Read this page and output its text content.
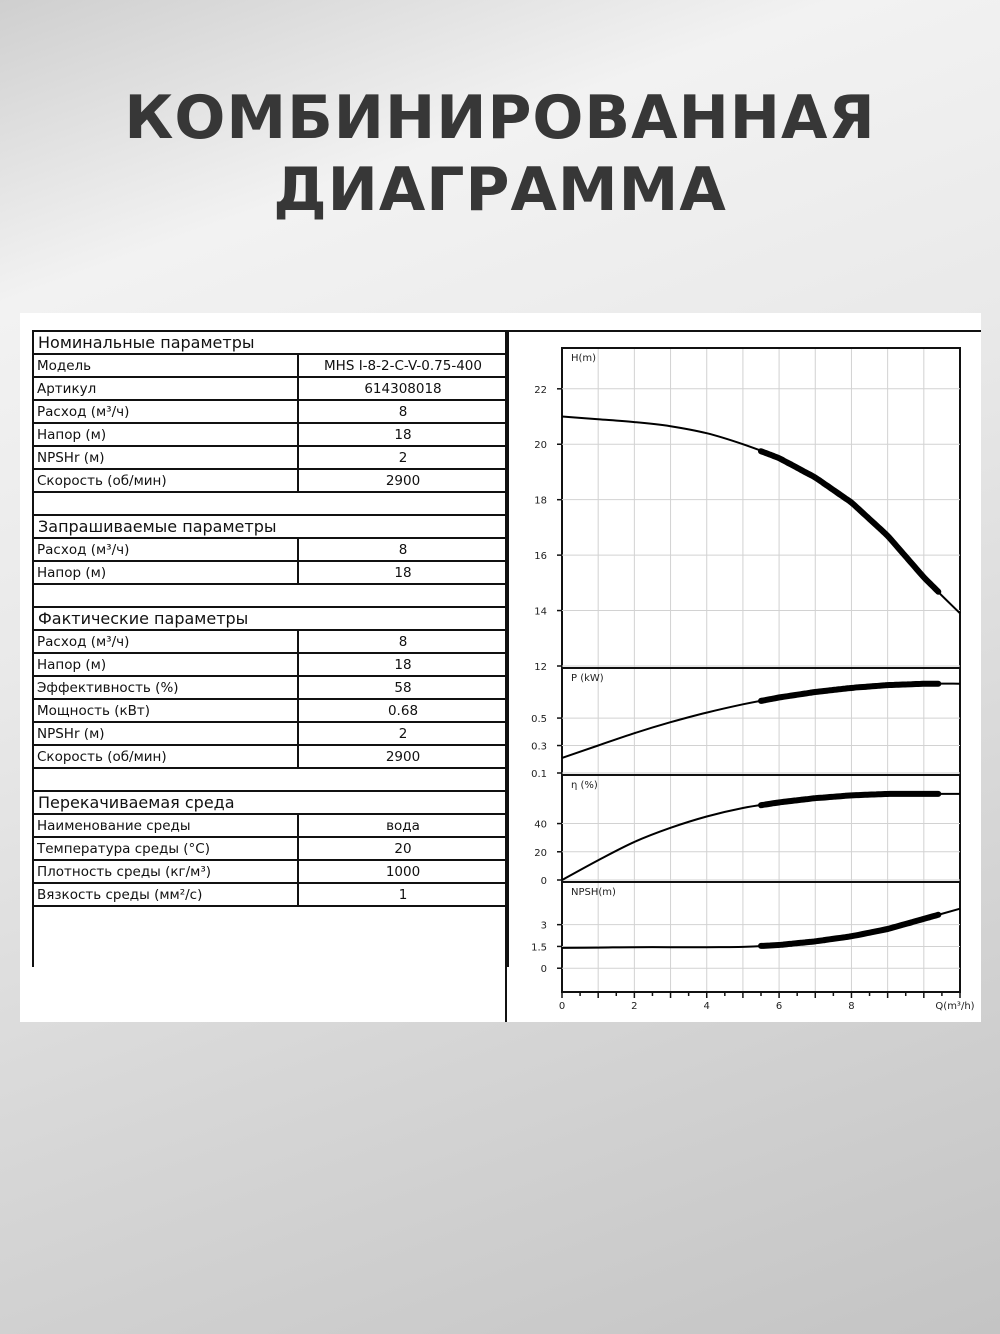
КОМБИНИРОВАННАЯ
ДИАГРАММА
Номинальные параметры	
Модель	MHS I-8-2-C-V-0.75-400
Артикул	614308018
Расход (м³/ч)	8
Напор (м)	18
NPSHr (м)	2
Скорость (об/мин)	2900

Запрашиваемые параметры	
Расход (м³/ч)	8
Напор (м)	18

Фактические параметры	
Расход (м³/ч)	8
Напор (м)	18
Эффективность (%)	58
Мощность (кВт)	0.68
NPSHr (м)	2
Скорость (об/мин)	2900

Перекачиваемая среда	
Наименование среды	вода
Температура среды (°C)	20
Плотность среды (кг/м³)	1000
Вязкость среды (мм²/с)	1

12
14
16
18
20
22
H(m)
0.1
0.3
0.5
P (kW)
0
20
40
η (%)
0
1.5
3
NPSH(m)
0	2	4	6	8	Q(m³/h)
